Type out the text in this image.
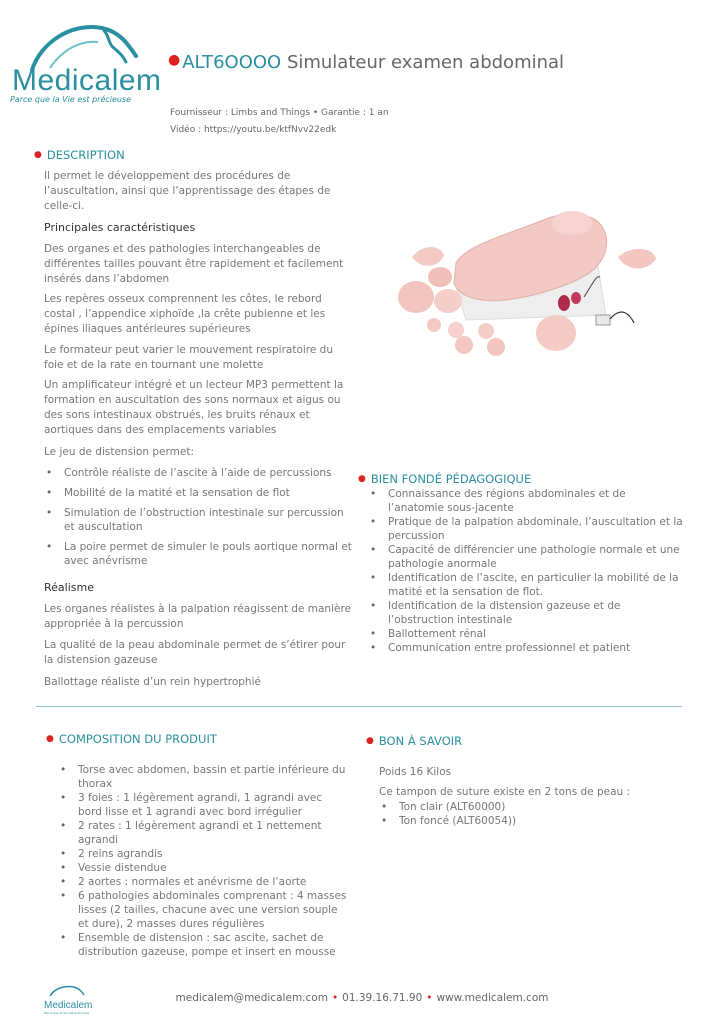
Medicalem
Parce que la Vie est précieuse
● ALT6OOOO Simulateur examen abdominal
Fournisseur : Limbs and Things • Garantie : 1 an
Vidéo : https://youtu.be/ktfNvv22edk
● DESCRIPTION
Il permet le développement des procédures de l’auscultation, ainsi que l’apprentissage des étapes de celle-ci.
Principales caractéristiques
Des organes et des pathologies interchangeables de différentes tailles pouvant être rapidement et facilement insérés dans l’abdomen
Les repères osseux comprennent les côtes, le rebord costal , l’appendice xiphoïde ,la crête pubienne et les épines iliaques antérieures supérieures
Le formateur peut varier le mouvement respiratoire du foie et de la rate en tournant une molette
Un amplificateur intégré et un lecteur MP3 permettent la formation en auscultation des sons normaux et aigus ou des sons intestinaux obstrués, les bruits rénaux et aortiques dans des emplacements variables
Le jeu de distension permet:
• Contrôle réaliste de l’ascite à l’aide de percussions
• Mobilité de la matité et la sensation de flot
• Simulation de l’obstruction intestinale sur percussion et auscultation
• La poire permet de simuler le pouls aortique normal et avec anévrisme
Réalisme
Les organes réalistes à la palpation réagissent de manière appropriée à la percussion
La qualité de la peau abdominale permet de s’étirer pour la distension gazeuse
Ballottage réaliste d’un rein hypertrophié
● BIEN FONDÉ PÉDAGOGIQUE
• Connaissance des régions abdominales et de l’anatomie sous-jacente
• Pratique de la palpation abdominale, l’auscultation et la percussion
• Capacité de différencier une pathologie normale et une pathologie anormale
• Identification de l’ascite, en particulier la mobilité de la matité et la sensation de flot.
• Identification de la distension gazeuse et de l’obstruction intestinale
• Ballottement rénal
• Communication entre professionnel et patient
● COMPOSITION DU PRODUIT
• Torse avec abdomen, bassin et partie inférieure du thorax
• 3 foies : 1 légèrement agrandi, 1 agrandi avec bord lisse et 1 agrandi avec bord irrégulier
• 2 rates : 1 légèrement agrandi et 1 nettement agrandi
• 2 reins agrandis
• Vessie distendue
• 2 aortes : normales et anévrisme de l’aorte
• 6 pathologies abdominales comprenant : 4 masses lisses (2 tailles, chacune avec une version souple et dure), 2 masses dures régulières
• Ensemble de distension : sac ascite, sachet de distribution gazeuse, pompe et insert en mousse
● BON À SAVOIR
Poids 16 Kilos
Ce tampon de suture existe en 2 tons de peau :
• Ton clair (ALT60000)
• Ton foncé (ALT60054))
Medicalem
Parce que la Vie est précieuse
medicalem@medicalem.com • 01.39.16.71.90 • www.medicalem.com
